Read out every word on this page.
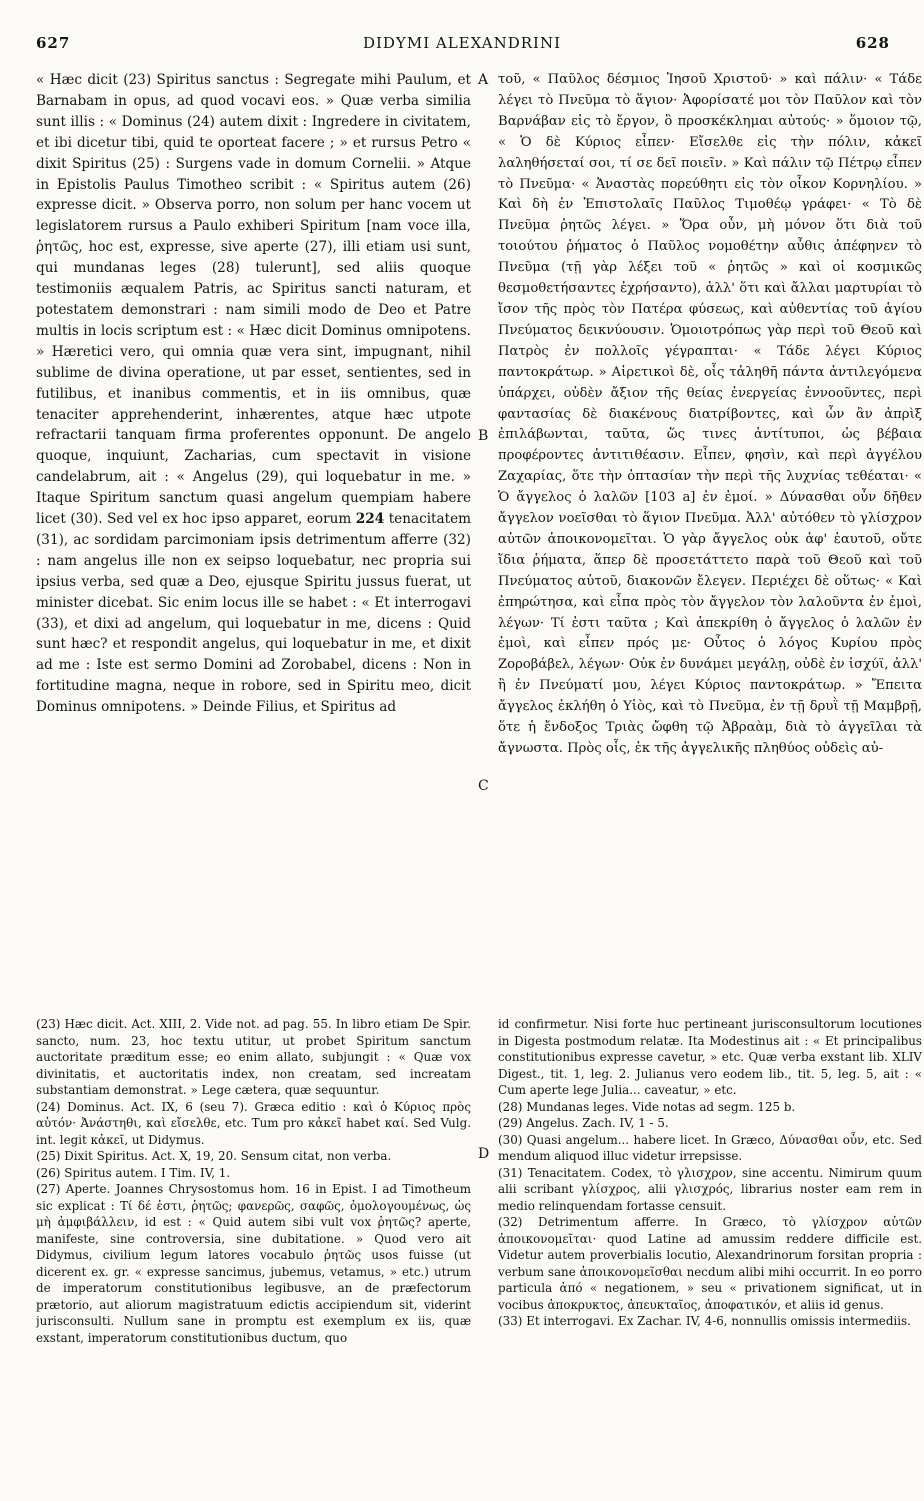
627	DIDYMI ALEXANDRINI	628

« Hæc dicit (23) Spiritus sanctus : Segregate mihi Paulum, et Barnabam in opus, ad quod vocavi eos. » Quæ verba similia sunt illis : « Dominus (24) autem dixit : Ingredere in civitatem, et ibi dicetur tibi, quid te oporteat facere ; » et rursus Petro « dixit Spiritus (25) : Surgens vade in domum Cornelii. » Atque in Epistolis Paulus Timotheo scribit : « Spiritus autem (26) expresse dicit. » Observa porro, non solum per hanc vocem ut legislatorem rursus a Paulo exhiberi Spiritum [nam voce illa, ῥητῶς, hoc est, expresse, sive aperte (27), illi etiam usi sunt, qui mundanas leges (28) tulerunt], sed aliis quoque testimoniis æqualem Patris, ac Spiritus sancti naturam, et potestatem demonstrari : nam simili modo de Deo et Patre multis in locis scriptum est : « Hæc dicit Dominus omnipotens. » Hæretici vero, qui omnia quæ vera sint, impugnant, nihil sublime de divina operatione, ut par esset, sentientes, sed in futilibus, et inanibus commentis, et in iis omnibus, quæ tenaciter apprehenderint, inhærentes, atque hæc utpote refractarii tanquam firma proferentes opponunt. De angelo quoque, inquiunt, Zacharias, cum spectavit in visione candelabrum, ait : « Angelus (29), qui loquebatur in me. » Itaque Spiritum sanctum quasi angelum quempiam habere licet (30). Sed vel ex hoc ipso apparet, eorum 224 tenacitatem (31), ac sordidam parcimoniam ipsis detrimentum afferre (32) : nam angelus ille non ex seipso loquebatur, nec propria sui ipsius verba, sed quæ a Deo, ejusque Spiritu jussus fuerat, ut minister dicebat. Sic enim locus ille se habet : « Et interrogavi (33), et dixi ad angelum, qui loquebatur in me, dicens : Quid sunt hæc? et respondit angelus, qui loquebatur in me, et dixit ad me : Iste est sermo Domini ad Zorobabel, dicens : Non in fortitudine magna, neque in robore, sed in Spiritu meo, dicit Dominus omnipotens. » Deinde Filius, et Spiritus ad

A
B
C

τοῦ, « Παῦλος δέσμιος Ἰησοῦ Χριστοῦ· » καὶ πάλιν· « Τάδε λέγει τὸ Πνεῦμα τὸ ἅγιον· Ἀφορίσατέ μοι τὸν Παῦλον καὶ τὸν Βαρνάβαν εἰς τὸ ἔργον, ὃ προσκέκλημαι αὐτούς· » ὅμοιον τῷ, « Ὁ δὲ Κύριος εἶπεν· Εἴσελθε εἰς τὴν πόλιν, κἀκεῖ λαληθήσεταί σοι, τί σε δεῖ ποιεῖν. » Καὶ πάλιν τῷ Πέτρῳ εἶπεν τὸ Πνεῦμα· « Ἀναστὰς πορεύθητι εἰς τὸν οἶκον Κορνηλίου. » Καὶ δὴ ἐν Ἐπιστολαῖς Παῦλος Τιμοθέῳ γράφει· « Τὸ δὲ Πνεῦμα ῥητῶς λέγει. » Ὅρα οὖν, μὴ μόνον ὅτι διὰ τοῦ τοιούτου ῥήματος ὁ Παῦλος νομοθέτην αὖθις ἀπέφηνεν τὸ Πνεῦμα (τῇ γὰρ λέξει τοῦ « ῥητῶς » καὶ οἱ κοσμικῶς θεσμοθετήσαντες ἐχρήσαντο), ἀλλ' ὅτι καὶ ἄλλαι μαρτυρίαι τὸ ἴσον τῆς πρὸς τὸν Πατέρα φύσεως, καὶ αὐθεντίας τοῦ ἁγίου Πνεύματος δεικνύουσιν. Ὁμοιοτρόπως γὰρ περὶ τοῦ Θεοῦ καὶ Πατρὸς ἐν πολλοῖς γέγραπται· « Τάδε λέγει Κύριος παντοκράτωρ. » Αἱρετικοὶ δὲ, οἷς τἀληθῆ πάντα ἀντιλεγόμενα ὑπάρχει, οὐδὲν ἄξιον τῆς θείας ἐνεργείας ἐννοοῦντες, περὶ φαντασίας δὲ διακένους διατρίβοντες, καὶ ὧν ἂν ἀπρὶξ ἐπιλάβωνται, ταῦτα, ὥς τινες ἀντίτυποι, ὡς βέβαια προφέροντες ἀντιτιθέασιν. Εἶπεν, φησὶν, καὶ περὶ ἀγγέλου Ζαχαρίας, ὅτε τὴν ὀπτασίαν τὴν περὶ τῆς λυχνίας τεθέαται· « Ὁ ἄγγελος ὁ λαλῶν [103 a] ἐν ἐμοί. » Δύνασθαι οὖν δῆθεν ἄγγελον νοεῖσθαι τὸ ἅγιον Πνεῦμα. Ἀλλ' αὐτόθεν τὸ γλίσχρον αὐτῶν ἀποικονομεῖται. Ὁ γὰρ ἄγγελος οὐκ ἀφ' ἑαυτοῦ, οὔτε ἴδια ῥήματα, ἅπερ δὲ προσετάττετο παρὰ τοῦ Θεοῦ καὶ τοῦ Πνεύματος αὐτοῦ, διακονῶν ἔλεγεν. Περιέχει δὲ οὕτως· « Καὶ ἐπηρώτησα, καὶ εἶπα πρὸς τὸν ἄγγελον τὸν λαλοῦντα ἐν ἐμοὶ, λέγων· Τί ἐστι ταῦτα ; Καὶ ἀπεκρίθη ὁ ἄγγελος ὁ λαλῶν ἐν ἐμοὶ, καὶ εἶπεν πρός με· Οὗτος ὁ λόγος Κυρίου πρὸς Ζοροβάβελ, λέγων· Οὐκ ἐν δυνάμει μεγάλῃ, οὐδὲ ἐν ἰσχύϊ, ἀλλ' ἢ ἐν Πνεύματί μου, λέγει Κύριος παντοκράτωρ. » Ἔπειτα ἄγγελος ἐκλήθη ὁ Υἱὸς, καὶ τὸ Πνεῦμα, ἐν τῇ δρυῒ τῇ Μαμβρῇ, ὅτε ἡ ἔνδοξος Τριὰς ὤφθη τῷ Ἀβραὰμ, διὰ τὸ ἀγγεῖλαι τὰ ἄγνωστα. Πρὸς οἷς, ἐκ τῆς ἀγγελικῆς πληθύος οὐδεὶς αὐ-

(23) Hæc dicit. Act. XIII, 2. Vide not. ad pag. 55. In libro etiam De Spir. sancto, num. 23, hoc textu utitur, ut probet Spiritum sanctum auctoritate præditum esse; eo enim allato, subjungit : « Quæ vox divinitatis, et auctoritatis index, non creatam, sed increatam substantiam demonstrat. » Lege cætera, quæ sequuntur.

(24) Dominus. Act. IX, 6 (seu 7). Græca editio : καὶ ὁ Κύριος πρὸς αὐτόν· Ἀνάστηθι, καὶ εἴσελθε, etc. Tum pro κἀκεῖ habet καί. Sed Vulg. int. legit κἀκεῖ, ut Didymus.

(25) Dixit Spiritus. Act. X, 19, 20. Sensum citat, non verba.

(26) Spiritus autem. I Tim. IV, 1.

(27) Aperte. Joannes Chrysostomus hom. 16 in Epist. I ad Timotheum sic explicat : Τί δέ ἐστι, ῥητῶς; φανερῶς, σαφῶς, ὁμολογουμένως, ὡς μὴ ἀμφιβάλλειν, id est : « Quid autem sibi vult vox ῥητῶς? aperte, manifeste, sine controversia, sine dubitatione. » Quod vero ait Didymus, civilium legum latores vocabulo ῥητῶς usos fuisse (ut dicerent ex. gr. « expresse sancimus, jubemus, vetamus, » etc.) utrum de imperatorum constitutionibus legibusve, an de præfectorum prætorio, aut aliorum magistratuum edictis accipiendum sit, viderint jurisconsulti. Nullum sane in promptu est exemplum ex iis, quæ exstant, imperatorum constitutionibus ductum, quo

D

id confirmetur. Nisi forte huc pertineant jurisconsultorum locutiones in Digesta postmodum relatæ. Ita Modestinus ait : « Et principalibus constitutionibus expresse cavetur, » etc. Quæ verba exstant lib. XLIV Digest., tit. 1, leg. 2. Julianus vero eodem lib., tit. 5, leg. 5, ait : « Cum aperte lege Julia... caveatur, » etc.

(28) Mundanas leges. Vide notas ad segm. 125 b.

(29) Angelus. Zach. IV, 1 - 5.

(30) Quasi angelum... habere licet. In Græco, Δύνασθαι οὖν, etc. Sed mendum aliquod illuc videtur irrepsisse.

(31) Tenacitatem. Codex, τὸ γλισχρον, sine accentu. Nimirum quum alii scribant γλίσχρος, alii γλισχρός, librarius noster eam rem in medio relinquendam fortasse censuit.

(32) Detrimentum afferre. In Græco, τὸ γλίσχρον αὐτῶν ἀποικονομεῖται· quod Latine ad amussim reddere difficile est. Videtur autem proverbialis locutio, Alexandrinorum forsitan propria : verbum sane ἀποικονομεῖσθαι necdum alibi mihi occurrit. In eo porro particula ἀπό « negationem, » seu « privationem significat, ut in vocibus ἀποκρυκτος, ἀπευκταῖος, ἀποφατικόν, et aliis id genus.

(33) Et interrogavi. Ex Zachar. IV, 4-6, nonnullis omissis intermediis.
